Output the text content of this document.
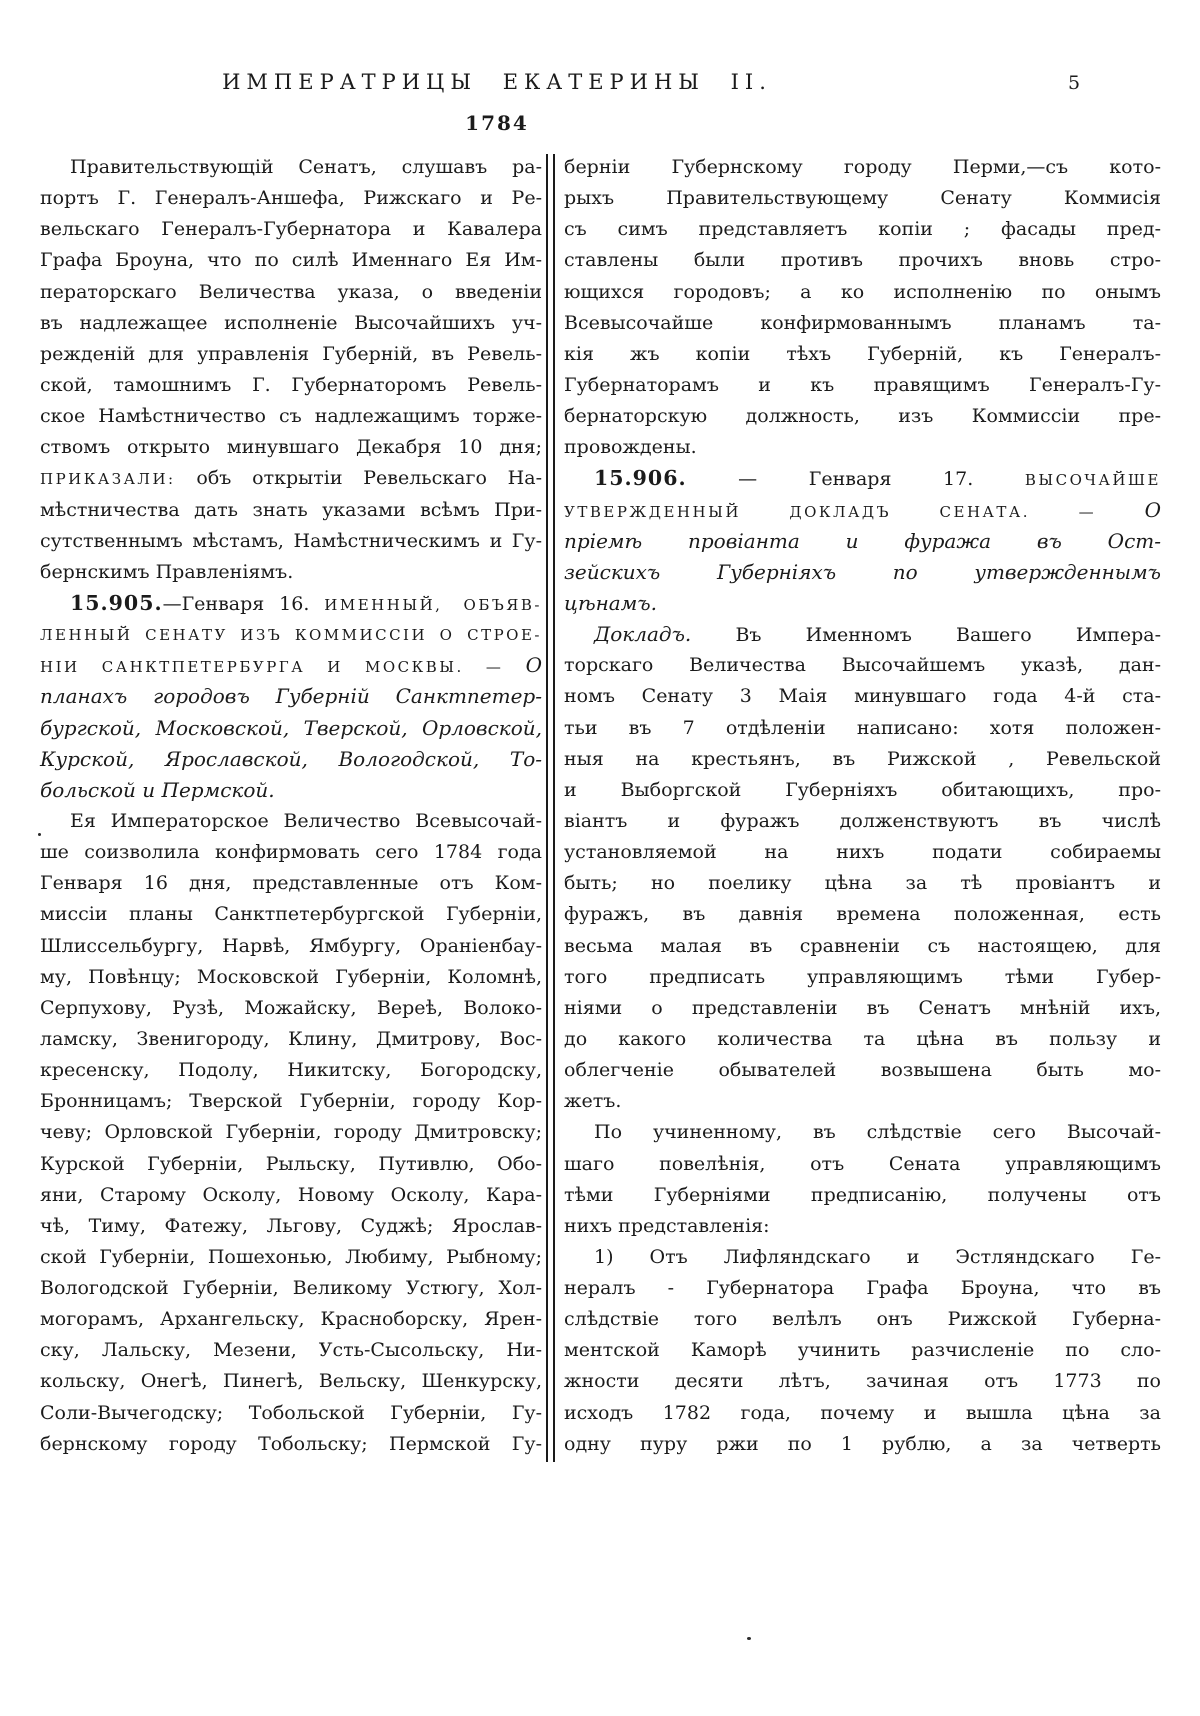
ИМПЕРАТРИЦЫ ЕКАТЕРИНЫ II.	5
1784
Правительствующій Сенатъ, слушавъ ра-
портъ Г. Генералъ-Аншефа, Рижскаго и Ре-
вельскаго Генералъ-Губернатора и Кавалера
Графа Броуна, что по силѣ Именнаго Ея Им-
ператорскаго Величества указа, о введеніи
въ надлежащее исполненіе Высочайшихъ уч-
режденій для управленія Губерній, въ Ревель-
ской, тамошнимъ Г. Губернаторомъ Ревель-
ское Намѣстничество съ надлежащимъ торже-
ствомъ открыто минувшаго Декабря 10 дня;
ПРИКАЗАЛИ: объ открытіи Ревельскаго На-
мѣстничества дать знать указами всѣмъ При-
сутственнымъ мѣстамъ, Намѣстническимъ и Гу-
бернскимъ Правленіямъ.
15.905.—Генваря 16. ИМЕННЫЙ, ОБЪЯВ-
ЛЕННЫЙ СЕНАТУ ИЗЪ КОММИССІИ О СТРОЕ-
НІИ САНКТПЕТЕРБУРГА И МОСКВЫ. — О
планахъ городовъ Губерній Санктпетер-
бургской, Московской, Тверской, Орловской,
Курской, Ярославской, Вологодской, То-
больской и Пермской.
Ея Императорское Величество Всевысочай-
ше соизволила конфирмовать сего 1784 года
Генваря 16 дня, представленные отъ Ком-
миссіи планы Санктпетербургской Губерніи,
Шлиссельбургу, Нарвѣ, Ямбургу, Ораніенбау-
му, Повѣнцу; Московской Губерніи, Коломнѣ,
Серпухову, Рузѣ, Можайску, Вереѣ, Волоко-
ламску, Звенигороду, Клину, Дмитрову, Вос-
кресенску, Подолу, Никитску, Богородску,
Бронницамъ; Тверской Губерніи, городу Кор-
чеву; Орловской Губерніи, городу Дмитровску;
Курской Губерніи, Рыльску, Путивлю, Обо-
яни, Старому Осколу, Новому Осколу, Кара-
чѣ, Тиму, Фатежу, Льгову, Суджѣ; Ярослав-
ской Губерніи, Пошехонью, Любиму, Рыбному;
Вологодской Губерніи, Великому Устюгу, Хол-
могорамъ, Архангельску, Красноборску, Ярен-
ску, Лальску, Мезени, Усть-Сысольску, Ни-
кольску, Онегѣ, Пинегѣ, Вельску, Шенкурску,
Соли-Вычегодску; Тобольской Губерніи, Гу-
бернскому городу Тобольску; Пермской Гу-
берніи Губернскому городу Перми,—съ кото-
рыхъ Правительствующему Сенату Коммисія
съ симъ представляетъ копіи ; фасады пред-
ставлены были противъ прочихъ вновь стро-
ющихся городовъ; а ко исполненію по онымъ
Всевысочайше конфирмованнымъ планамъ та-
кія жъ копіи тѣхъ Губерній, къ Генералъ-
Губернаторамъ и къ правящимъ Генералъ-Гу-
бернаторскую должность, изъ Коммиссіи пре-
провождены.
15.906. — Генваря 17. ВЫСОЧАЙШЕ
УТВЕРЖДЕННЫЙ ДОКЛАДЪ СЕНАТА. — О
пріемѣ провіанта и фуража въ Ост-
зейскихъ Губерніяхъ по утвержденнымъ
цѣнамъ.
Докладъ. Въ Именномъ Вашего Импера-
торскаго Величества Высочайшемъ указѣ, дан-
номъ Сенату 3 Маія минувшаго года 4-й ста-
тьи въ 7 отдѣленіи написано: хотя положен-
ныя на крестьянъ, въ Рижской , Ревельской
и Выборгской Губерніяхъ обитающихъ, про-
віантъ и фуражъ долженствуютъ въ числѣ
установляемой на нихъ подати собираемы
быть; но поелику цѣна за тѣ провіантъ и
фуражъ, въ давнія времена положенная, есть
весьма малая въ сравненіи съ настоящею, для
того предписать управляющимъ тѣми Губер-
ніями о представленіи въ Сенатъ мнѣній ихъ,
до какого количества та цѣна въ пользу и
облегченіе обывателей возвышена быть мо-
жетъ.
По учиненному, въ слѣдствіе сего Высочай-
шаго повелѣнія, отъ Сената управляющимъ
тѣми Губерніями предписанію, получены отъ
нихъ представленія:
1) Отъ Лифляндскаго и Эстляндскаго Ге-
нералъ - Губернатора Графа Броуна, что въ
слѣдствіе того велѣлъ онъ Рижской Губерна-
ментской Каморѣ учинить разчисленіе по сло-
жности десяти лѣтъ, зачиная отъ 1773 по
исходъ 1782 года, почему и вышла цѣна за
одну пуру ржи по 1 рублю, а за четверть
